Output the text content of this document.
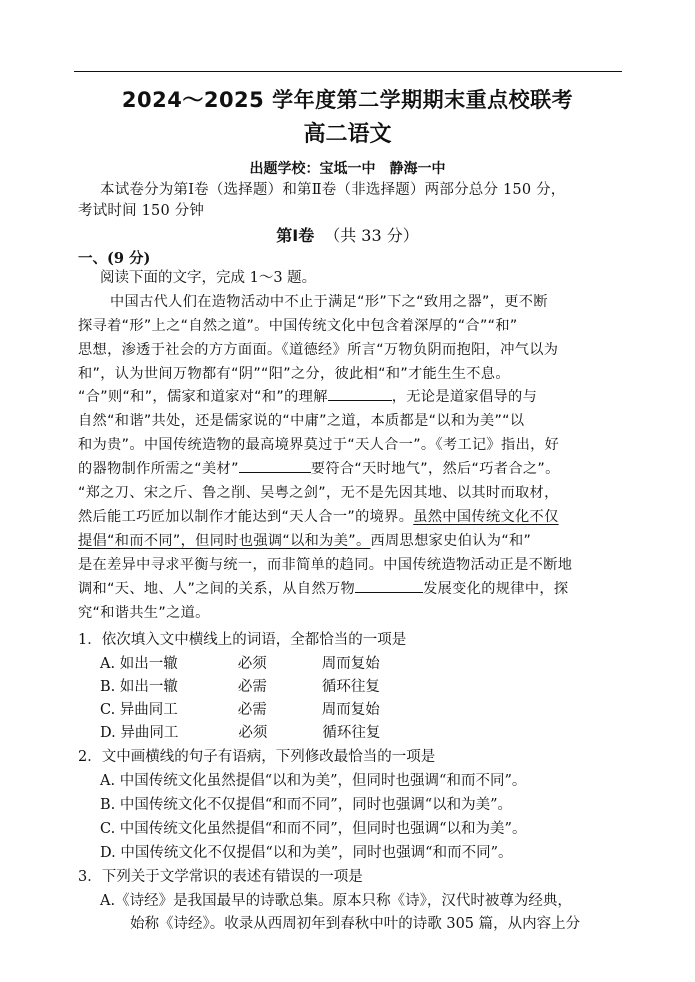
2024～2025 学年度第二学期期末重点校联考
高二语文
出题学校：宝坻一中 静海一中
本试卷分为第Ⅰ卷（选择题）和第Ⅱ卷（非选择题）两部分总分 150 分，
考试时间 150 分钟
第Ⅰ卷 （共 33 分）
一、(9 分)
阅读下面的文字，完成 1～3 题。
中国古代人们在造物活动中不止于满足“形”下之“致用之器”，更不断
探寻着“形”上之“自然之道”。中国传统文化中包含着深厚的“合”“和”
思想，渗透于社会的方方面面。《道德经》所言“万物负阴而抱阳，冲气以为
和”，认为世间万物都有“阴”“阳”之分，彼此相“和”才能生生不息。
“合”则“和”，儒家和道家对“和”的理解	，无论是道家倡导的与
自然“和谐”共处，还是儒家说的“中庸”之道，本质都是“以和为美”“以
和为贵”。中国传统造物的最高境界莫过于“天人合一”。《考工记》指出，好
的器物制作所需之“美材”	要符合“天时地气”，然后“巧者合之”。
“郑之刀、宋之斤、鲁之削、吴粤之剑”，无不是先因其地、以其时而取材，
然后能工巧匠加以制作才能达到“天人合一”的境界。虽然中国传统文化不仅
提倡“和而不同”，但同时也强调“以和为美”。西周思想家史伯认为“和”
是在差异中寻求平衡与统一，而非简单的趋同。中国传统造物活动正是不断地
调和“天、地、人”之间的关系，从自然万物	发展变化的规律中，探
究“和谐共生”之道。
1．依次填入文中横线上的词语，全都恰当的一项是
A. 如出一辙	必须	周而复始
B. 如出一辙	必需	循环往复
C. 异曲同工	必需	周而复始
D. 异曲同工	必须	循环往复
2．文中画横线的句子有语病，下列修改最恰当的一项是
A. 中国传统文化虽然提倡“以和为美”，但同时也强调“和而不同”。
B. 中国传统文化不仅提倡“和而不同”，同时也强调“以和为美”。
C. 中国传统文化虽然提倡“和而不同”，但同时也强调“以和为美”。
D. 中国传统文化不仅提倡“以和为美”，同时也强调“和而不同”。
3．下列关于文学常识的表述有错误的一项是
A.《诗经》是我国最早的诗歌总集。原本只称《诗》，汉代时被尊为经典，
始称《诗经》。收录从西周初年到春秋中叶的诗歌 305 篇，从内容上分
